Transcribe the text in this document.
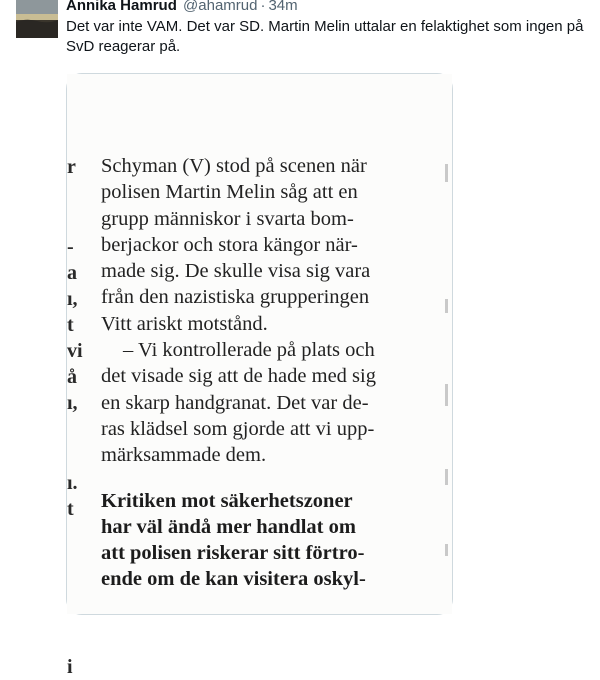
Annika Hamrud @ahamrud · 34m
Det var inte VAM. Det var SD. Martin Melin uttalar en felaktighet som ingen på SvD reagerar på.
r
-
a
ı,
t
vi
å
ı,
ı.
t
i
Schyman (V) stod på scenen när
polisen Martin Melin såg att en
grupp människor i svarta bom-
berjackor och stora kängor när-
made sig. De skulle visa sig vara
från den nazistiska grupperingen
Vitt ariskt motstånd.
– Vi kontrollerade på plats och
det visade sig att de hade med sig
en skarp handgranat. Det var de-
ras klädsel som gjorde att vi upp-
märksammade dem.
Kritiken mot säkerhetszoner
har väl ändå mer handlat om
att polisen riskerar sitt förtro-
ende om de kan visitera oskyl-
